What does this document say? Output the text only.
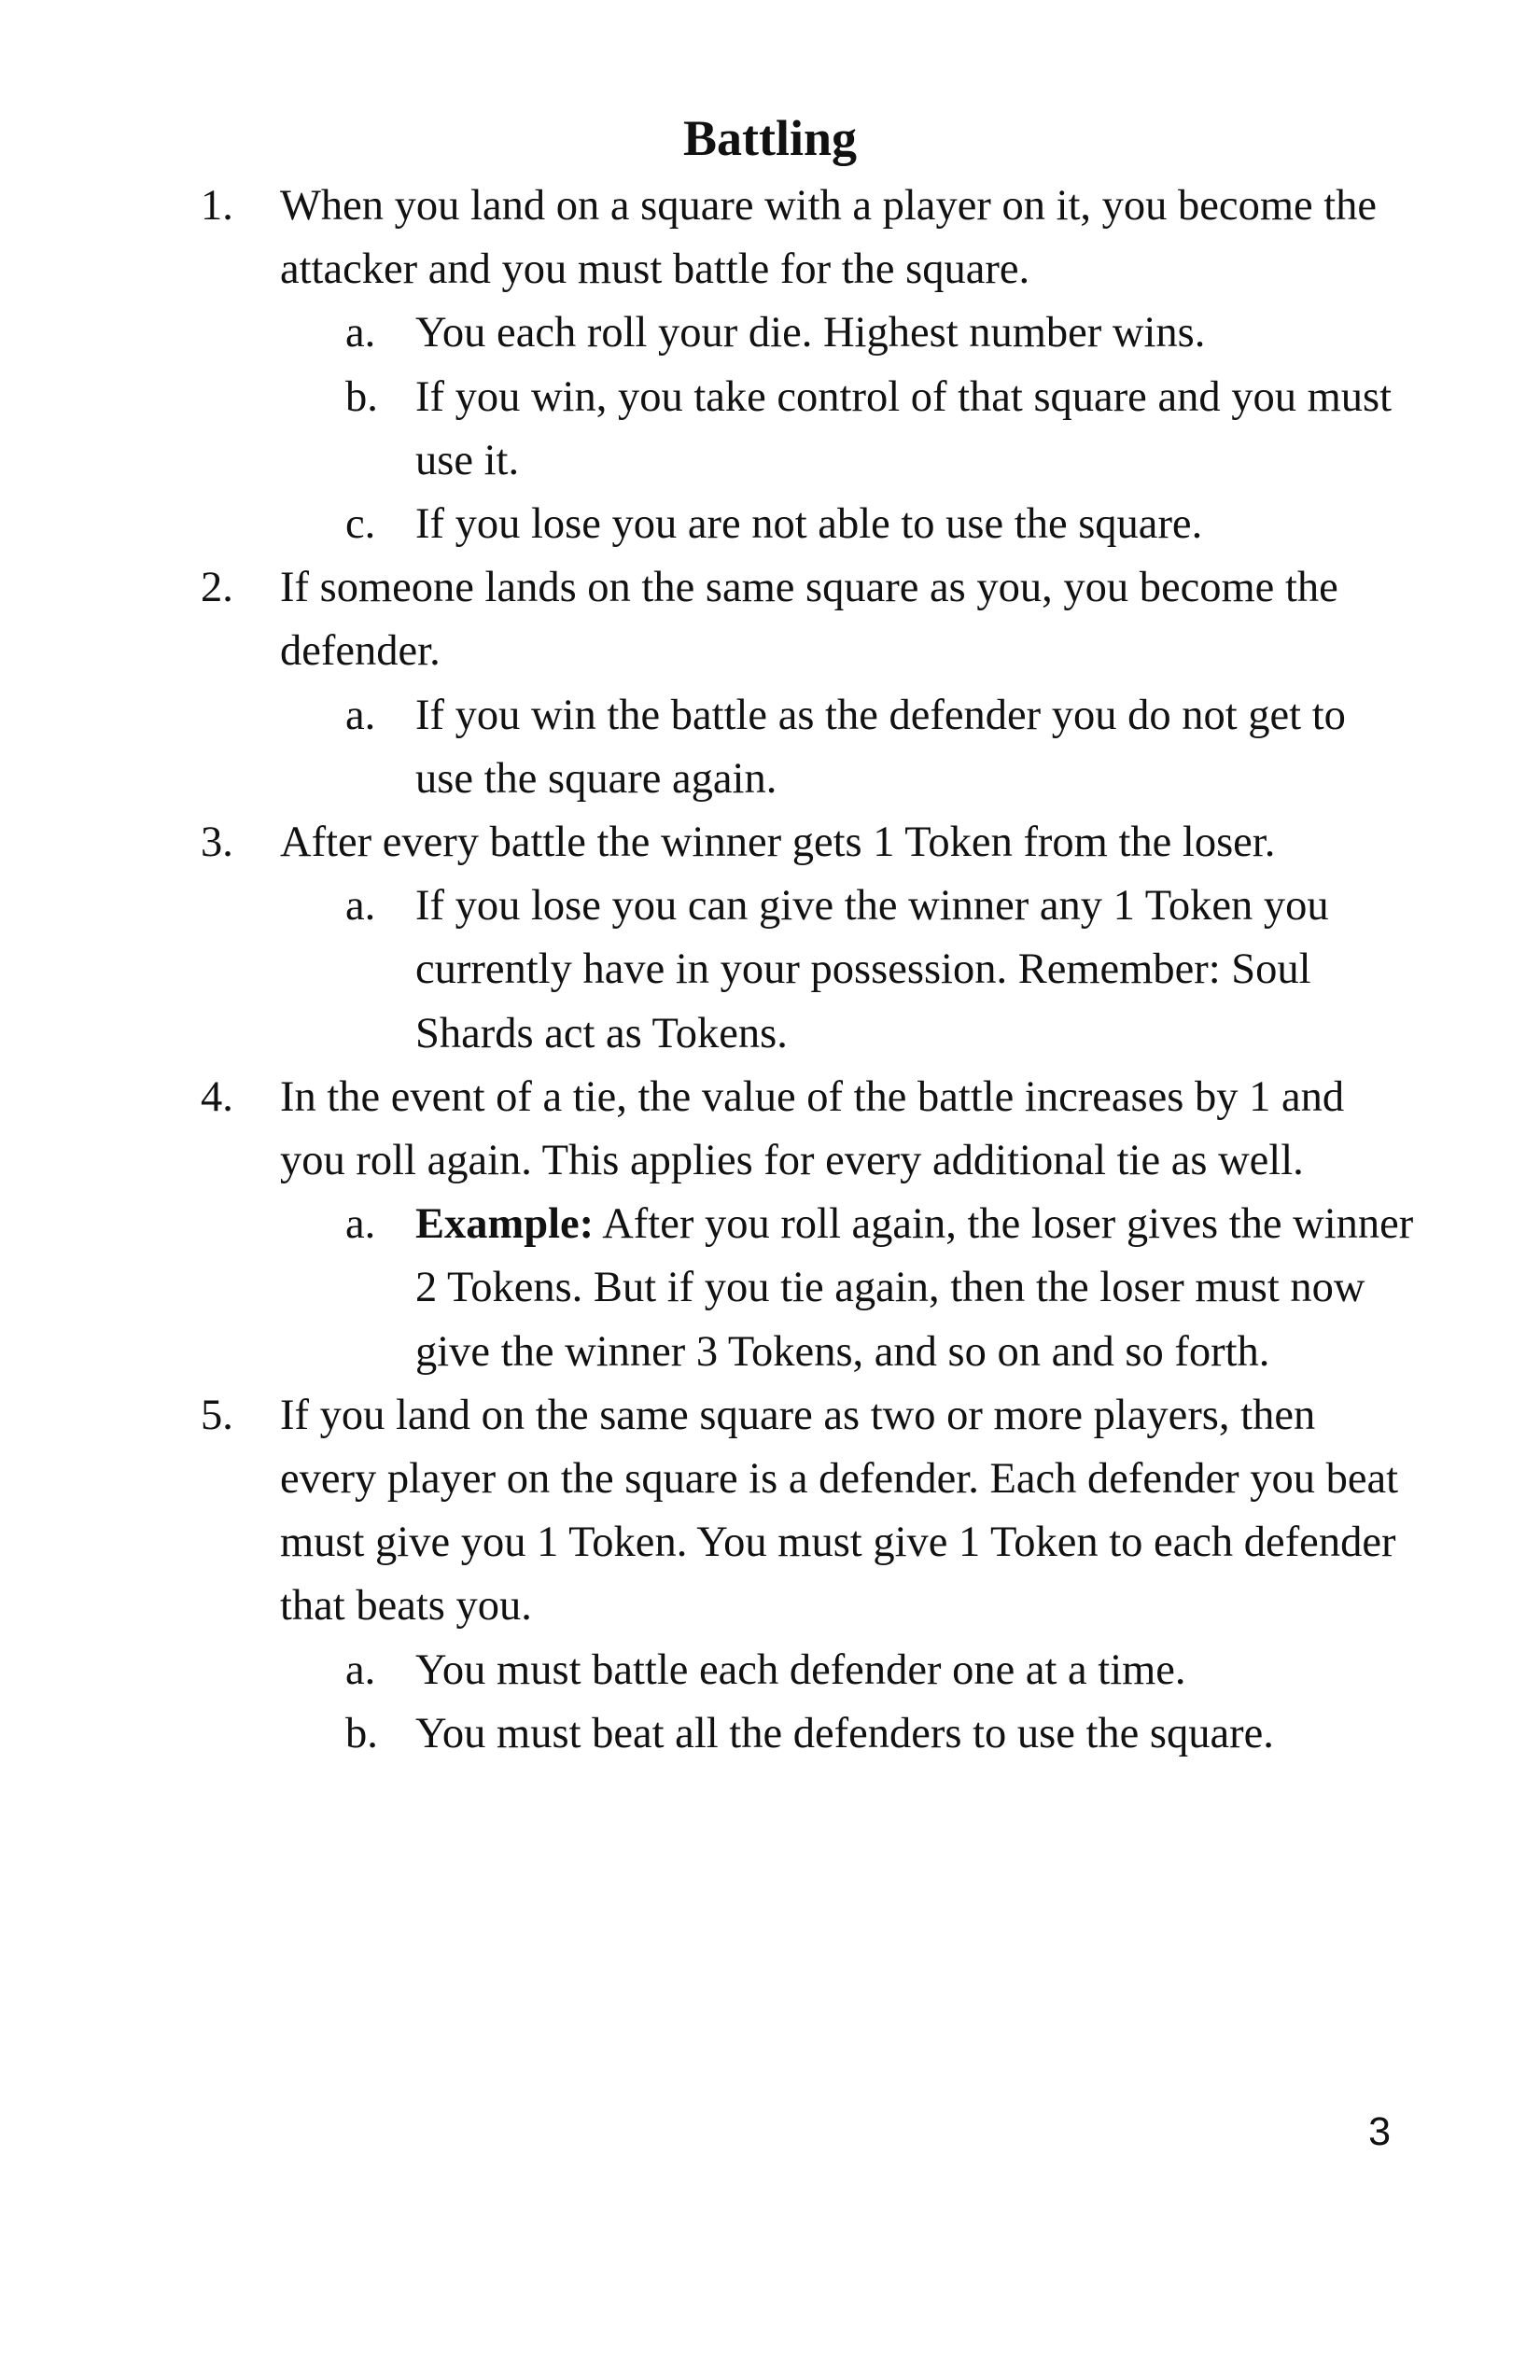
Battling
1. When you land on a square with a player on it, you become the attacker and you must battle for the square.
a. You each roll your die. Highest number wins.
b. If you win, you take control of that square and you must use it.
c. If you lose you are not able to use the square.
2. If someone lands on the same square as you, you become the defender.
a. If you win the battle as the defender you do not get to use the square again.
3. After every battle the winner gets 1 Token from the loser.
a. If you lose you can give the winner any 1 Token you currently have in your possession. Remember: Soul Shards act as Tokens.
4. In the event of a tie, the value of the battle increases by 1 and you roll again. This applies for every additional tie as well.
a. Example: After you roll again, the loser gives the winner 2 Tokens. But if you tie again, then the loser must now give the winner 3 Tokens, and so on and so forth.
5. If you land on the same square as two or more players, then every player on the square is a defender. Each defender you beat must give you 1 Token. You must give 1 Token to each defender that beats you.
a. You must battle each defender one at a time.
b. You must beat all the defenders to use the square.
3
